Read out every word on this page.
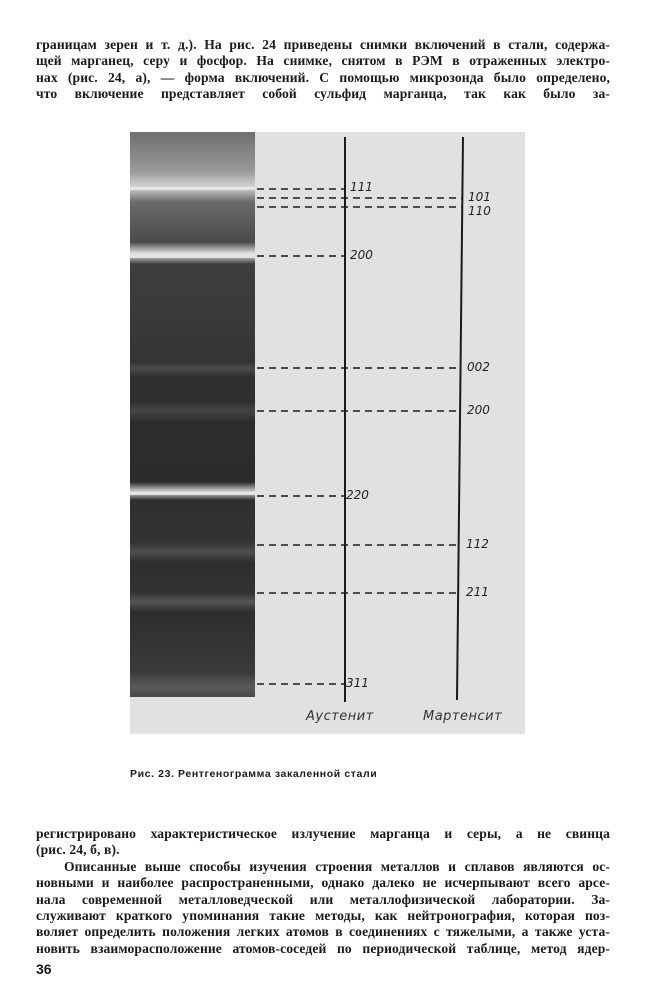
границам зерен и т. д.). На рис. 24 приведены снимки включений в стали, содержа-
щей марганец, серу и фосфор. На снимке, снятом в РЭМ в отраженных электро-
нах (рис. 24, а), — форма включений. С помощью микрозонда было определено,
что включение представляет собой сульфид марганца, так как было за-
111
200
220
311
101
110
002
200
112
211
Аустенит	Мартенсит
Рис. 23. Рентгенограмма закаленной стали
регистрировано характеристическое излучение марганца и серы, а не свинца
(рис. 24, б, в).
Описанные выше способы изучения строения металлов и сплавов являются ос-
новными и наиболее распространенными, однако далеко не исчерпывают всего арсе-
нала современной металловедческой или металлофизической лаборатории. За-
служивают краткого упоминания такие методы, как нейтронография, которая поз-
воляет определить положения легких атомов в соединениях с тяжелыми, а также уста-
новить взаиморасположение атомов-соседей по периодической таблице, метод ядер-
36
